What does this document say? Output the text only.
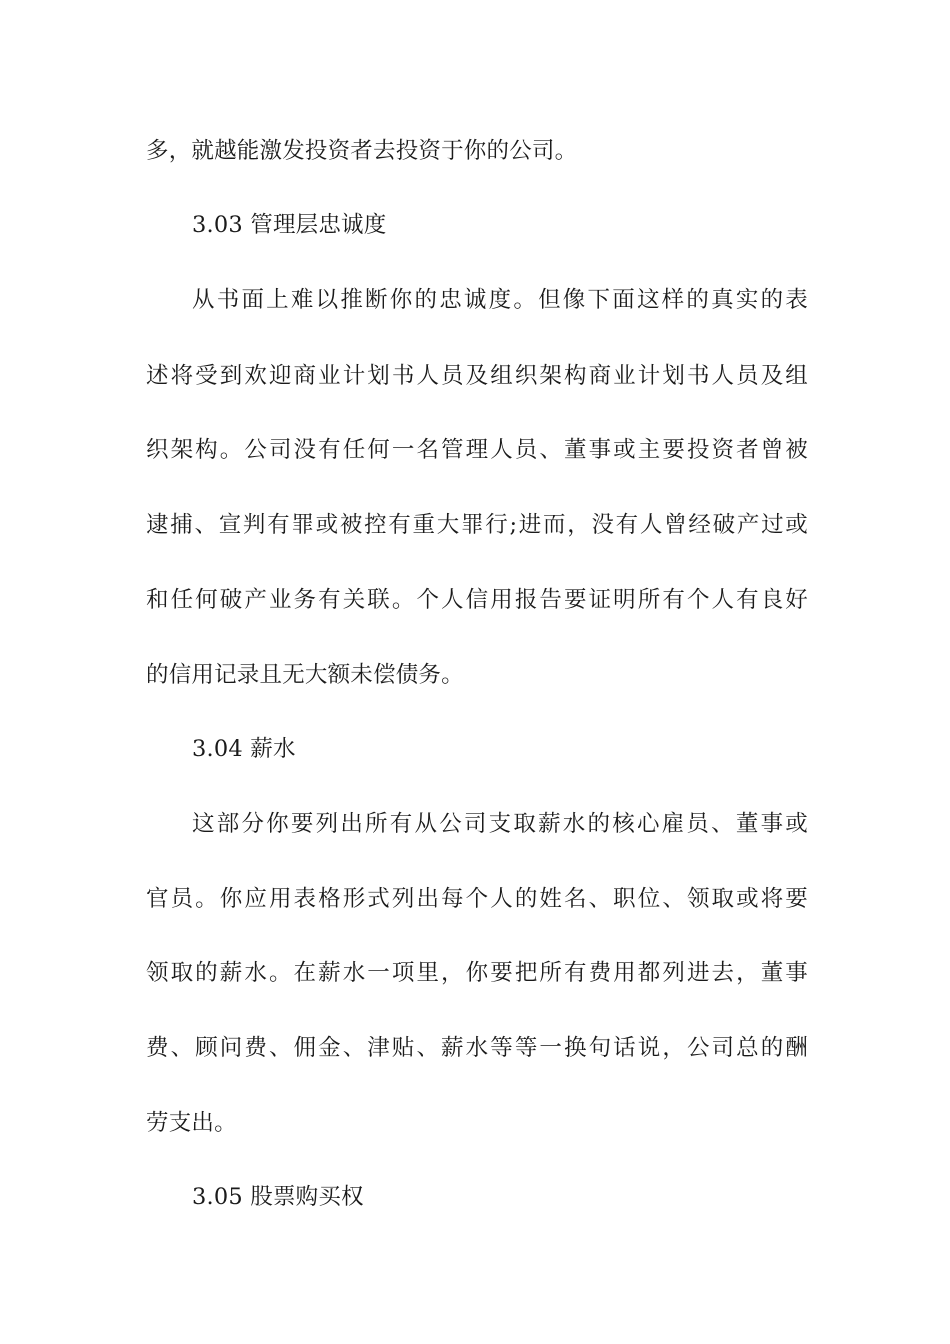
多，就越能激发投资者去投资于你的公司。
3.03 管理层忠诚度
从书面上难以推断你的忠诚度。但像下面这样的真实的表
述将受到欢迎商业计划书人员及组织架构商业计划书人员及组
织架构。公司没有任何一名管理人员、董事或主要投资者曾被
逮捕、宣判有罪或被控有重大罪行;进而，没有人曾经破产过或
和任何破产业务有关联。个人信用报告要证明所有个人有良好
的信用记录且无大额未偿债务。
3.04 薪水
这部分你要列出所有从公司支取薪水的核心雇员、董事或
官员。你应用表格形式列出每个人的姓名、职位、领取或将要
领取的薪水。在薪水一项里，你要把所有费用都列进去，董事
费、顾问费、佣金、津贴、薪水等等一换句话说，公司总的酬
劳支出。
3.05 股票购买权
